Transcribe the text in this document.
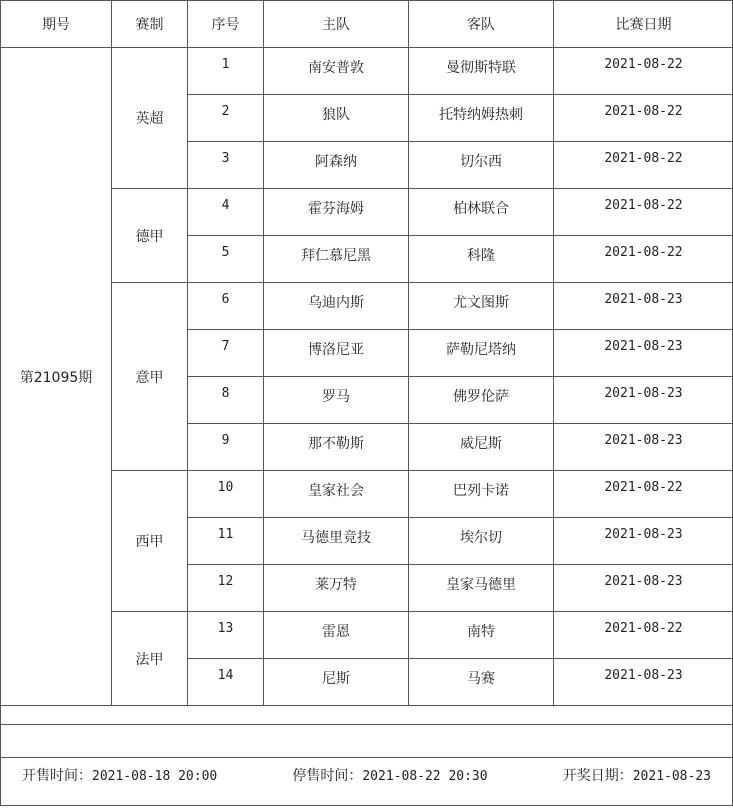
期号	赛制	序号	主队	客队	比赛日期
第21095期	英超	1	南安普敦	曼彻斯特联	2021-08-22
		2	狼队	托特纳姆热刺	2021-08-22
		3	阿森纳	切尔西	2021-08-22
	德甲	4	霍芬海姆	柏林联合	2021-08-22
		5	拜仁慕尼黑	科隆	2021-08-22
	意甲	6	乌迪内斯	尤文图斯	2021-08-23
		7	博洛尼亚	萨勒尼塔纳	2021-08-23
		8	罗马	佛罗伦萨	2021-08-23
		9	那不勒斯	威尼斯	2021-08-23
	西甲	10	皇家社会	巴列卡诺	2021-08-22
		11	马德里竞技	埃尔切	2021-08-23
		12	莱万特	皇家马德里	2021-08-23
	法甲	13	雷恩	南特	2021-08-22
		14	尼斯	马赛	2021-08-23
开售时间：2021-08-18 20:00	停售时间：2021-08-22 20:30	开奖日期：2021-08-23
